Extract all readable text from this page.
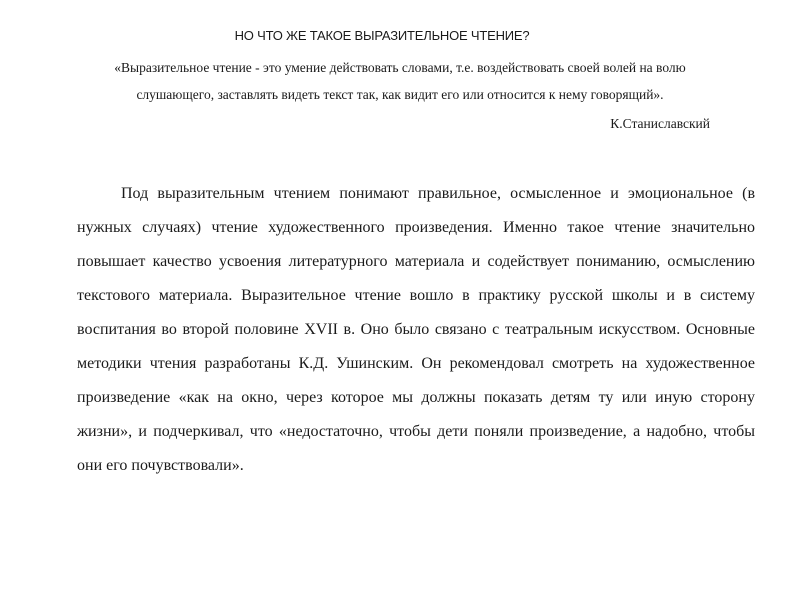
НО ЧТО ЖЕ ТАКОЕ ВЫРАЗИТЕЛЬНОЕ ЧТЕНИЕ?
«Выразительное чтение - это умение действовать словами, т.е. воздействовать своей волей на волю
слушающего, заставлять видеть текст так, как видит его или относится к нему говорящий».
К.Станиславский

Под выразительным чтением понимают правильное, осмысленное и эмоциональное (в нужных случаях) чтение художественного произведения. Именно такое чтение значительно повышает качество усвоения литературного материала и содействует пониманию, осмыслению текстового материала. Выразительное чтение вошло в практику русской школы и в систему воспитания во второй половине XVII в. Оно было связано с театральным искусством. Основные методики чтения разработаны К.Д. Ушинским. Он рекомендовал смотреть на художественное произведение «как на окно, через которое мы должны показать детям ту или иную сторону жизни», и подчеркивал, что «недостаточно, чтобы дети поняли произведение, а надобно, чтобы они его почувствовали».
